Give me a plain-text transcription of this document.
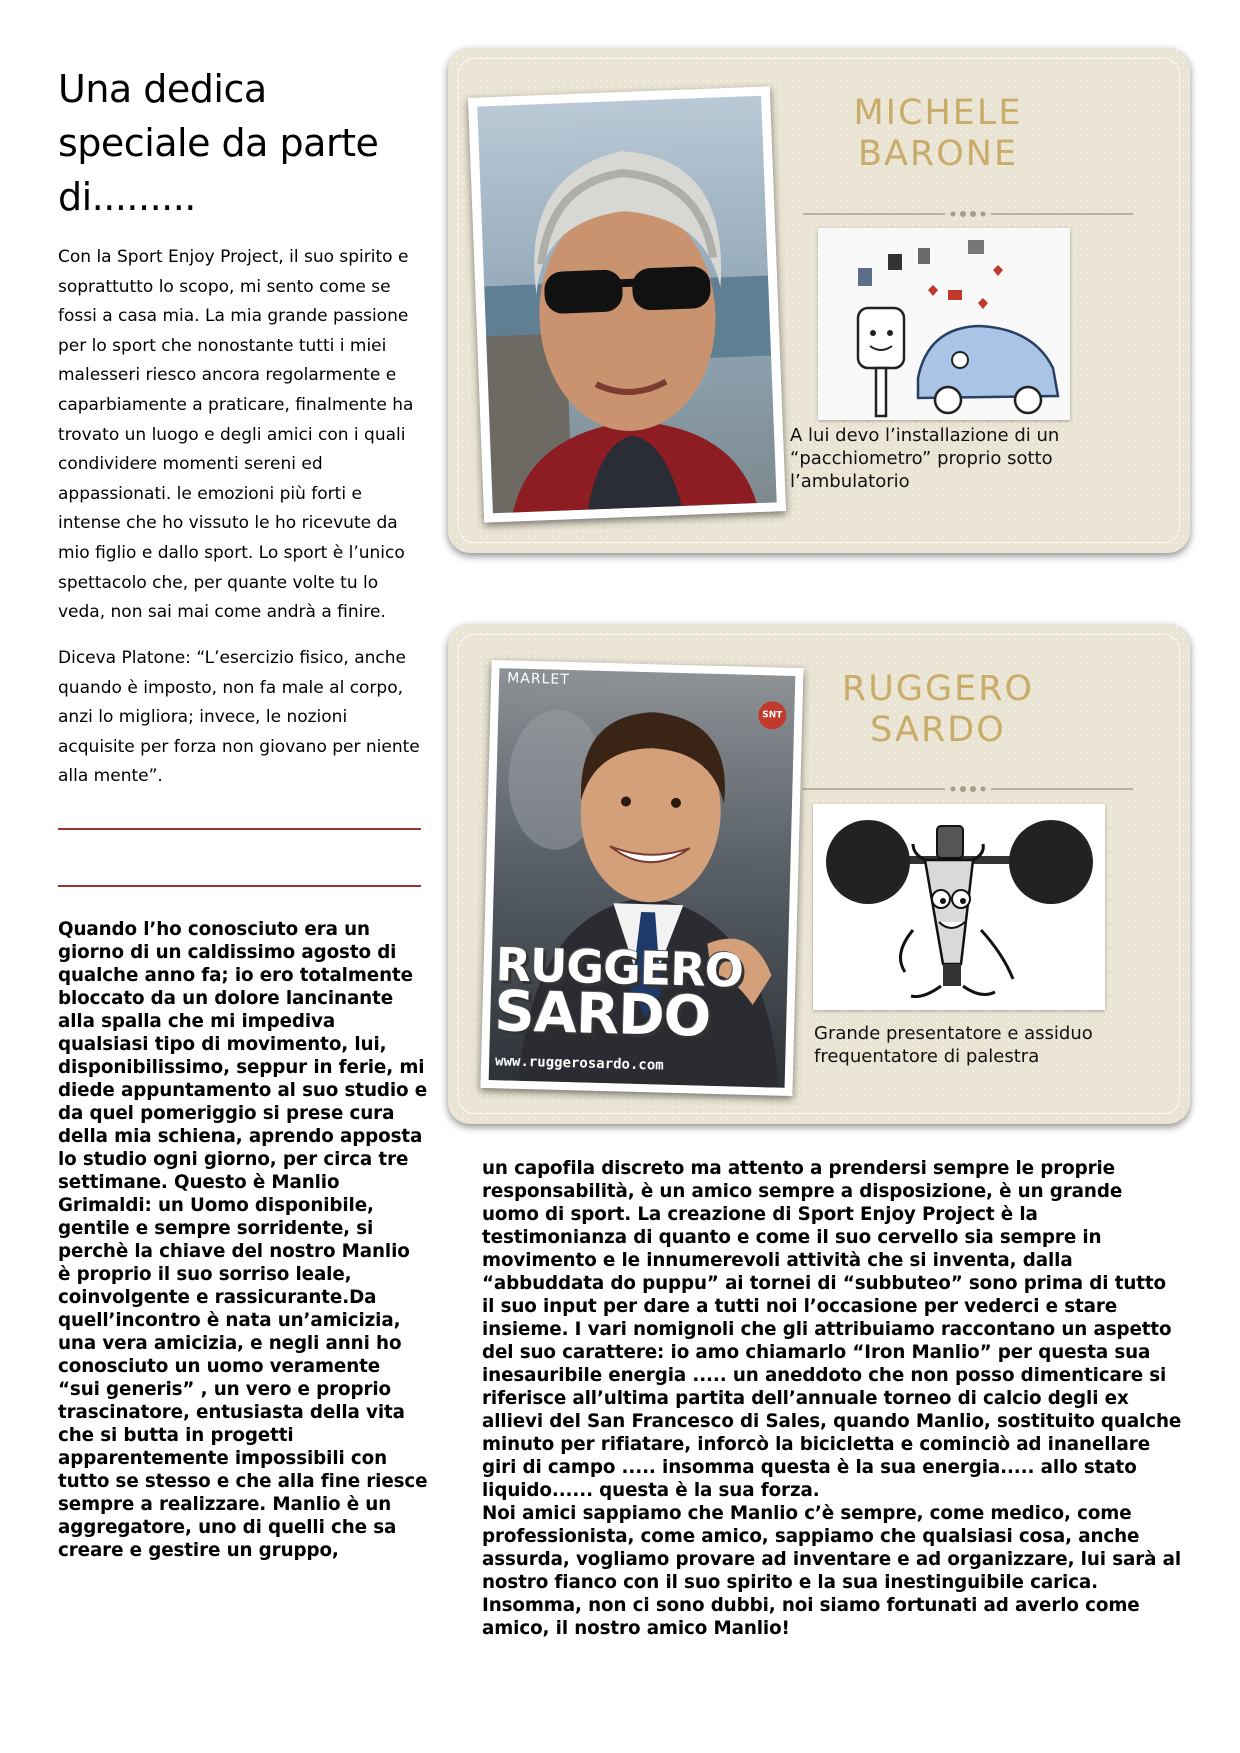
Una dedica speciale da parte di.........

Con la Sport Enjoy Project, il suo spirito e soprattutto lo scopo, mi sento come se fossi a casa mia. La mia grande passione per lo sport che nonostante tutti i miei malesseri riesco ancora regolarmente e caparbiamente a praticare, finalmente ha trovato un luogo e degli amici con i quali condividere momenti sereni ed appassionati. le emozioni più forti e intense che ho vissuto le ho ricevute da mio figlio e dallo sport. Lo sport è l’unico spettacolo che, per quante volte tu lo veda, non sai mai come andrà a finire.

Diceva Platone: “L’esercizio fisico, anche quando è imposto, non fa male al corpo, anzi lo migliora; invece, le nozioni acquisite per forza non giovano per niente alla mente”.

Quando l’ho conosciuto era un giorno di un caldissimo agosto di qualche anno fa; io ero totalmente bloccato da un dolore lancinante alla spalla che mi impediva qualsiasi tipo di movimento, lui, disponibilissimo, seppur in ferie, mi diede appuntamento al suo studio e da quel pomeriggio si prese cura della mia schiena, aprendo apposta lo studio ogni giorno, per circa tre settimane. Questo è Manlio Grimaldi: un Uomo disponibile, gentile e sempre sorridente, si perchè la chiave del nostro Manlio è proprio il suo sorriso leale, coinvolgente e rassicurante.Da quell’incontro è nata un’amicizia, una vera amicizia, e negli anni ho conosciuto un uomo veramente “sui generis” , un vero e proprio trascinatore, entusiasta della vita che si butta in progetti apparentemente impossibili con tutto se stesso e che alla fine riesce sempre a realizzare. Manlio è un aggregatore, uno di quelli che sa creare e gestire un gruppo,

MICHELE
BARONE
A lui devo l’installazione di un “pacchiometro” proprio sotto l’ambulatorio
RUGGERO
SARDO
MARLET
SNT
RUGGERO
SARDO
www.ruggerosardo.com
Grande presentatore e assiduo frequentatore di palestra
un capofila discreto ma attento a prendersi sempre le proprie responsabilità, è un amico sempre a disposizione, è un grande uomo di sport. La creazione di Sport Enjoy Project è la testimonianza di quanto e come il suo cervello sia sempre in movimento e le innumerevoli attività che si inventa, dalla “abbuddata do puppu” ai tornei di “subbuteo” sono prima di tutto il suo input per dare a tutti noi l’occasione per vederci e stare insieme. I vari nomignoli che gli attribuiamo raccontano un aspetto del suo carattere: io amo chiamarlo “Iron Manlio” per questa sua inesauribile energia ..... un aneddoto che non posso dimenticare si riferisce all’ultima partita dell’annuale torneo di calcio degli ex allievi del San Francesco di Sales, quando Manlio, sostituito qualche minuto per rifiatare, inforcò la bicicletta e cominciò ad inanellare giri di campo ..... insomma questa è la sua energia..... allo stato liquido...... questa è la sua forza.
Noi amici sappiamo che Manlio c’è sempre, come medico, come professionista, come amico, sappiamo che qualsiasi cosa, anche assurda, vogliamo provare ad inventare e ad organizzare, lui sarà al nostro fianco con il suo spirito e la sua inestinguibile carica. Insomma, non ci sono dubbi, noi siamo fortunati ad averlo come amico, il nostro amico Manlio!
